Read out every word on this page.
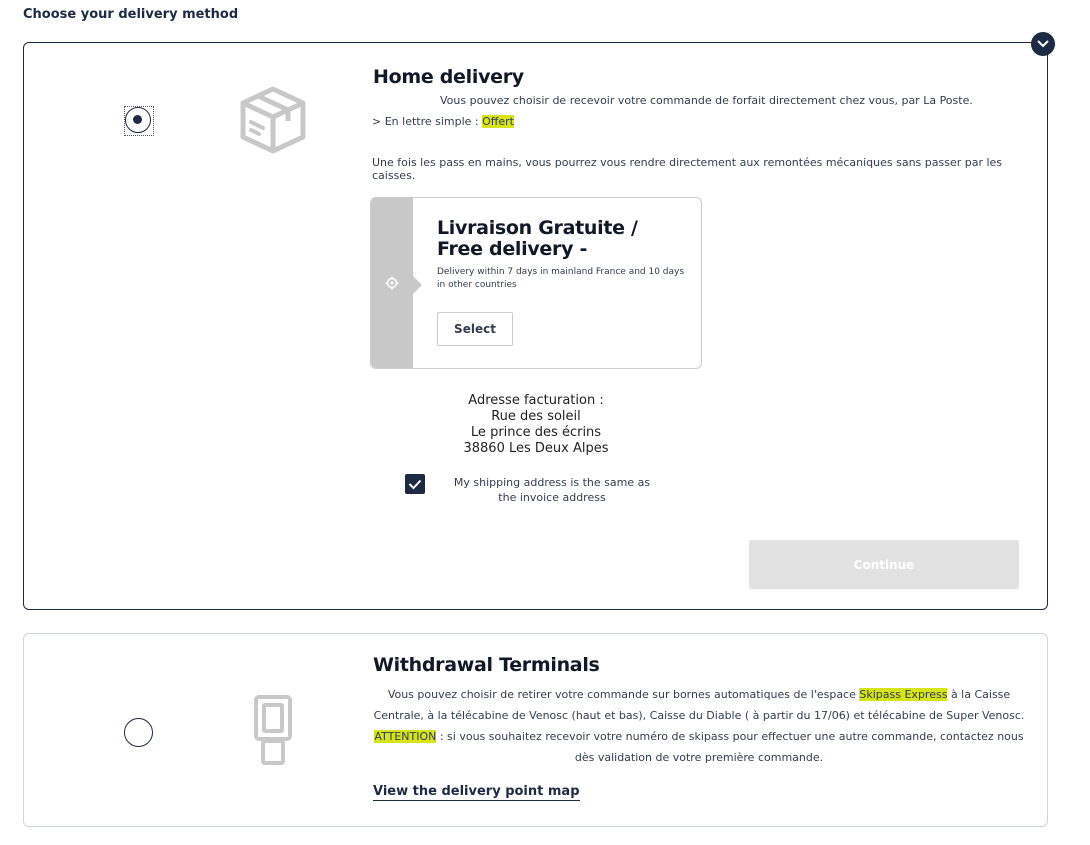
Choose your delivery method
Home delivery
Vous pouvez choisir de recevoir votre commande de forfait directement chez vous, par La Poste.
> En lettre simple : Offert
Une fois les pass en mains, vous pourrez vous rendre directement aux remontées mécaniques sans passer par les caisses.
Livraison Gratuite / Free delivery -
Delivery within 7 days in mainland France and 10 days in other countries
Select
Adresse facturation :
Rue des soleil
Le prince des écrins
38860 Les Deux Alpes
My shipping address is the same as the invoice address
Continue
Withdrawal Terminals
Vous pouvez choisir de retirer votre commande sur bornes automatiques de l'espace Skipass Express à la Caisse Centrale, à la télécabine de Venosc (haut et bas), Caisse du Diable ( à partir du 17/06) et télécabine de Super Venosc.
ATTENTION : si vous souhaitez recevoir votre numéro de skipass pour effectuer une autre commande, contactez nous dès validation de votre première commande.
View the delivery point map
